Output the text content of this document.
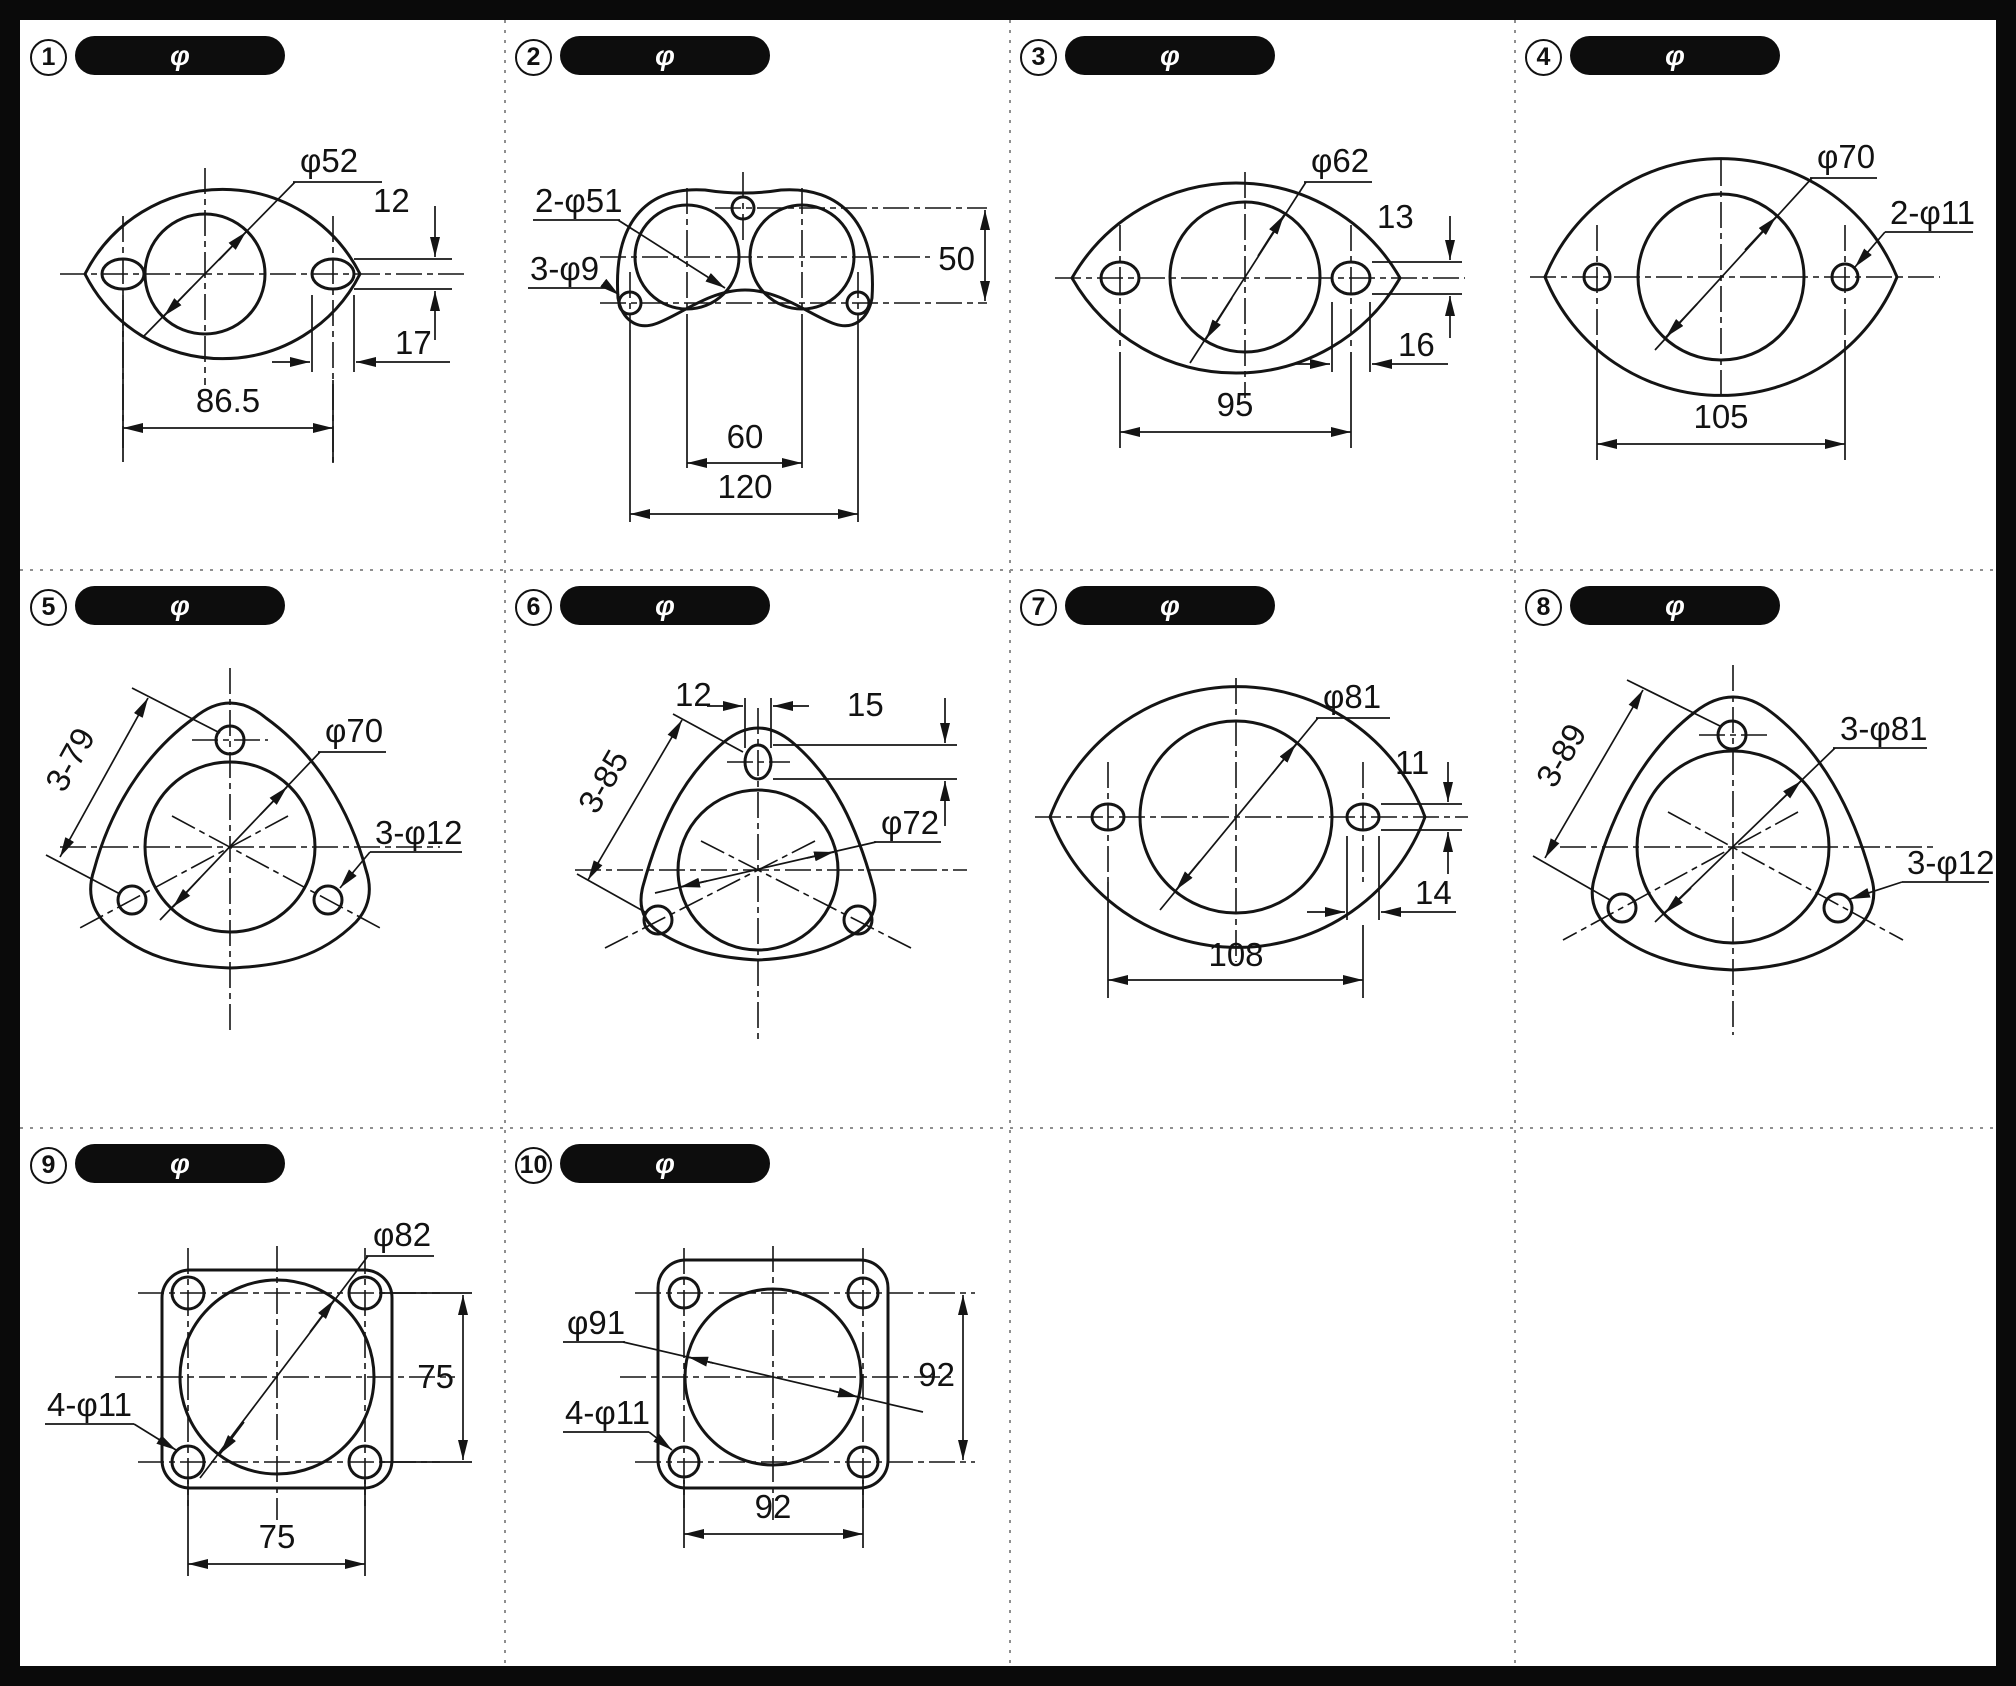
1	φ
φ52
12
17
86.5
2	φ
2-φ51
3-φ9
60
120
50
3	φ
φ62
13
16
95
4	φ
φ70
2-φ11
105
5	φ
φ70
3-φ12
3-79
6	φ
12	15
3-85
φ72
7	φ
φ81
11
14
108
8	φ
3-φ81
3-φ12
3-89
9	φ
φ82
4-φ11
75
75
10	φ
φ91
4-φ11
92
92
